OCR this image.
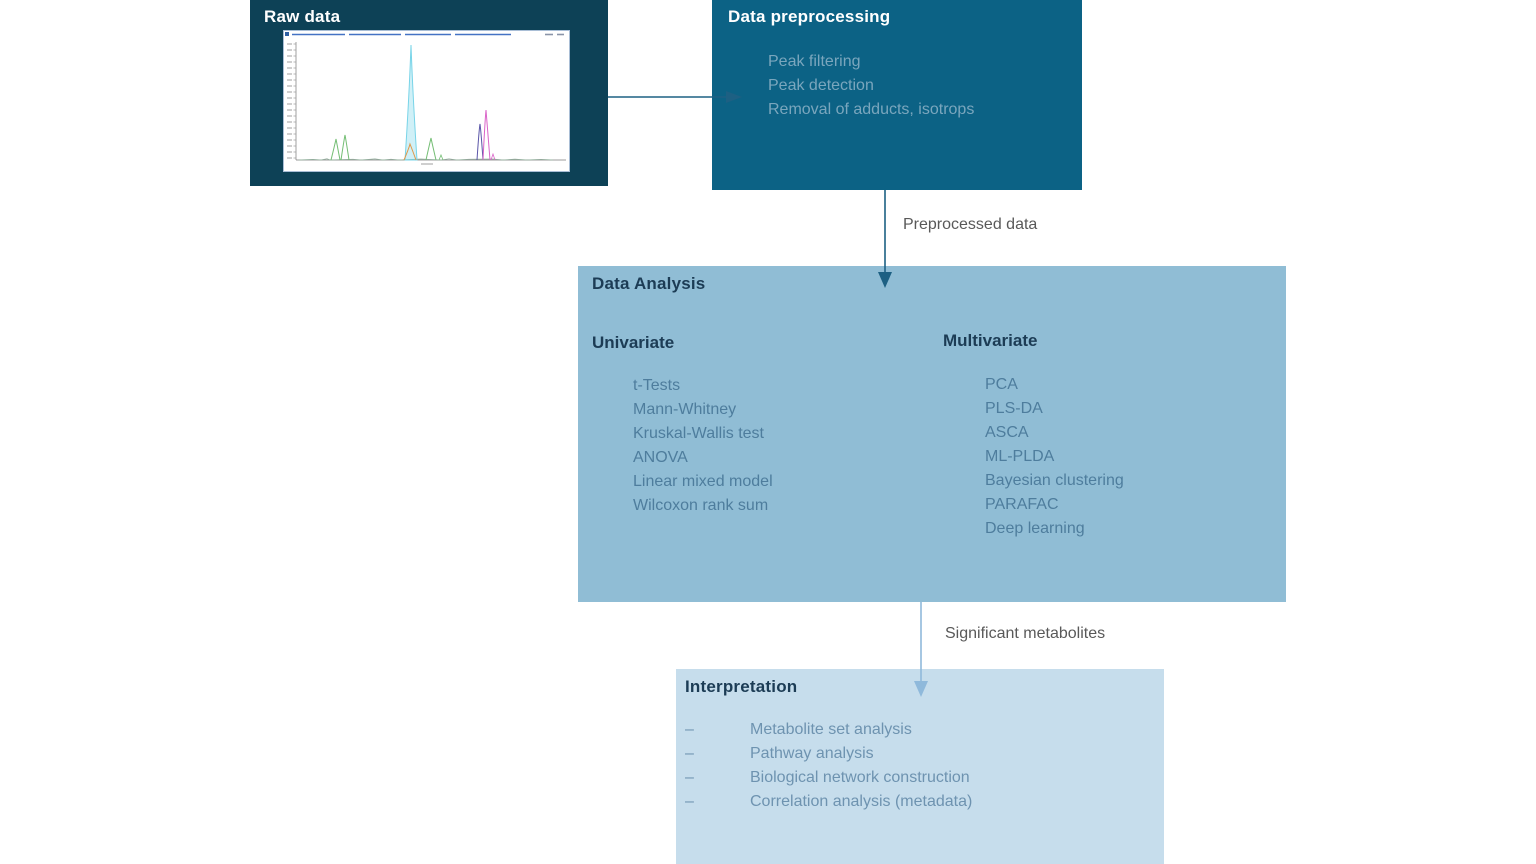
Raw data	Data preprocessing
Peak filtering
Peak detection
Removal of adducts, isotrops
Data Analysis
Univariate
t-Tests
Mann-Whitney
Kruskal-Wallis test
ANOVA
Linear mixed model
Wilcoxon rank sum
Multivariate
PCA
PLS-DA
ASCA
ML-PLDA
Bayesian clustering
PARAFAC
Deep learning
Interpretation
–	Metabolite set analysis
–	Pathway analysis
–	Biological network construction
–	Correlation analysis (metadata)
Preprocessed data
Significant metabolites
